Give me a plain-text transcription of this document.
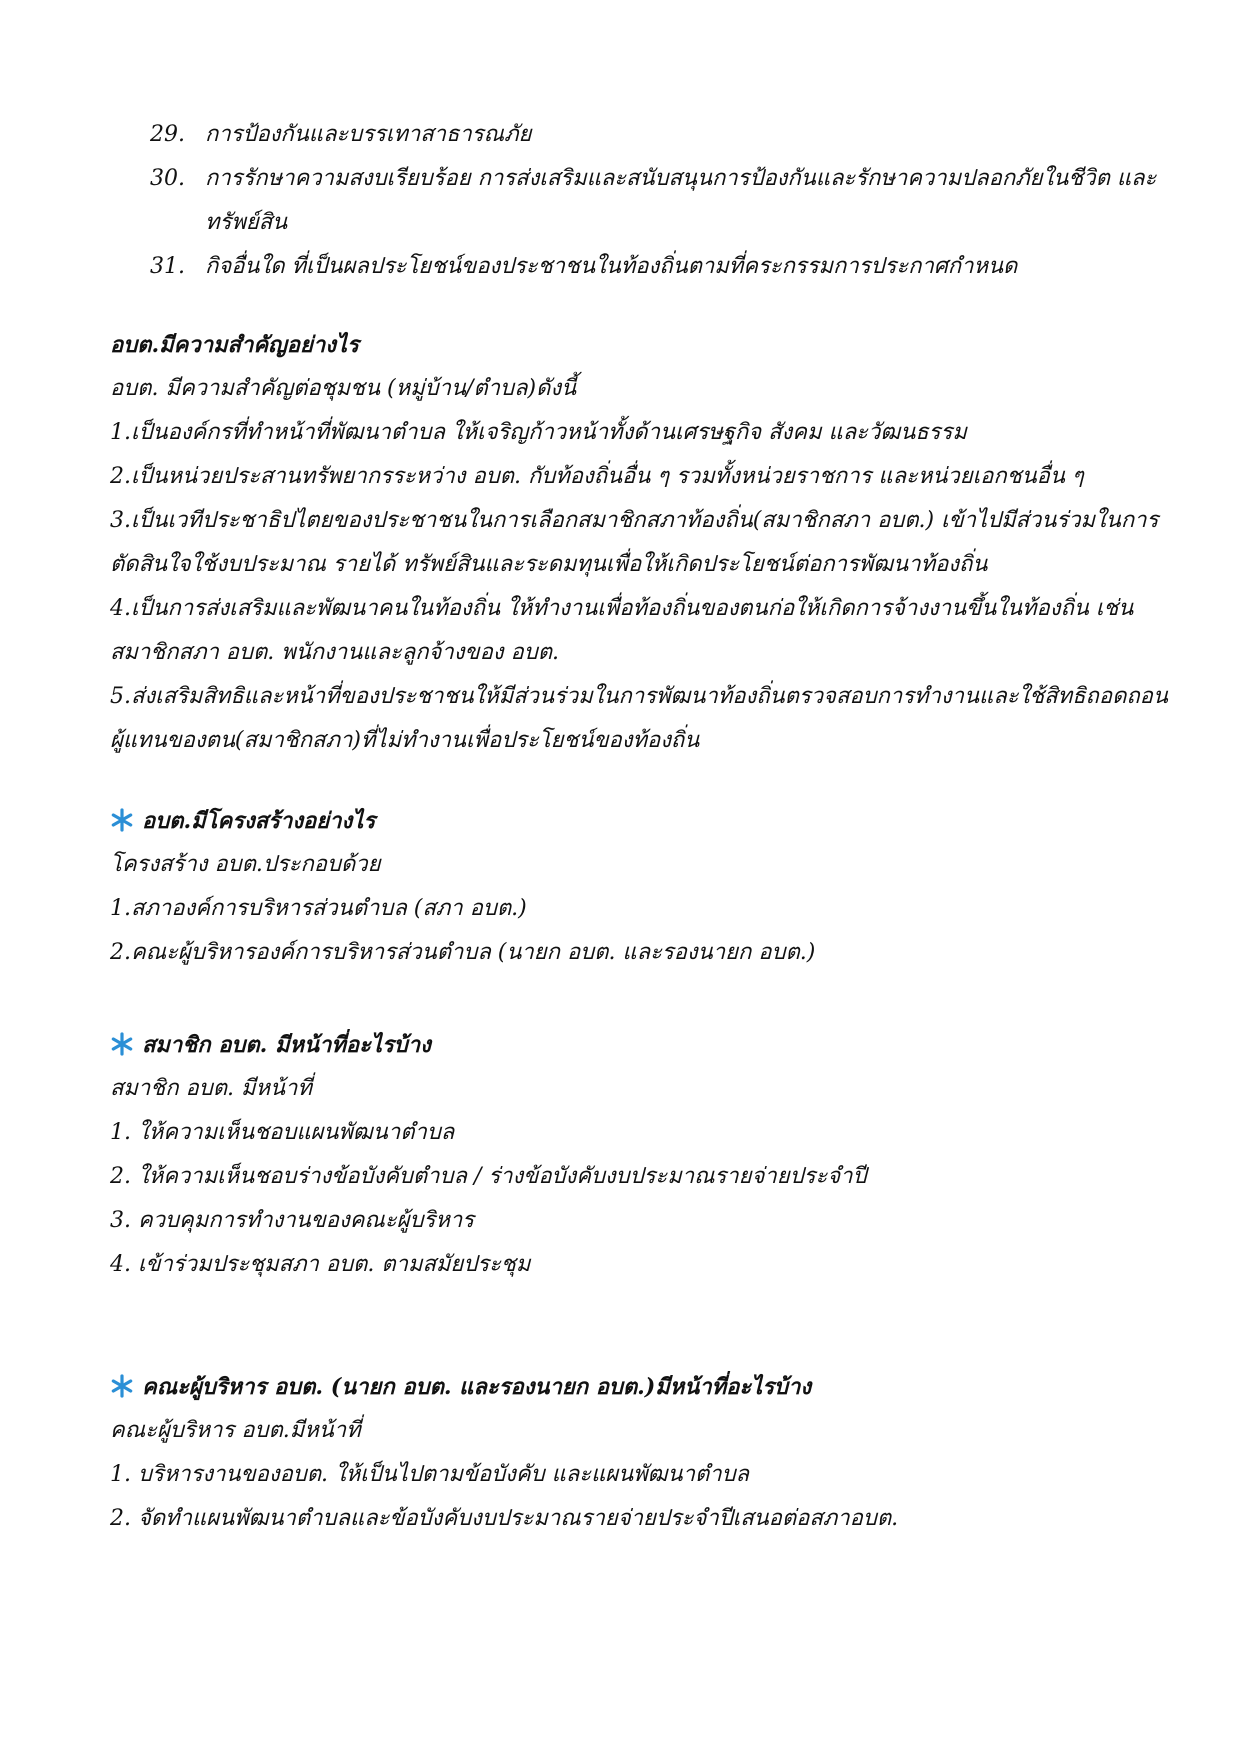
29. การป้องกันและบรรเทาสาธารณภัย
30. การรักษาความสงบเรียบร้อย การส่งเสริมและสนับสนุนการป้องกันและรักษาความปลอกภัยในชีวิต และ
ทรัพย์สิน
31. กิจอื่นใด ที่เป็นผลประโยชน์ของประชาชนในท้องถิ่นตามที่คระกรรมการประกาศกำหนด
อบต.มีความสำคัญอย่างไร
อบต. มีความสำคัญต่อชุมชน (หมู่บ้าน/ตำบล)ดังนี้
1.เป็นองค์กรที่ทำหน้าที่พัฒนาตำบล ให้เจริญก้าวหน้าทั้งด้านเศรษฐกิจ สังคม และวัฒนธรรม
2.เป็นหน่วยประสานทรัพยากรระหว่าง อบต. กับท้องถิ่นอื่น ๆ รวมทั้งหน่วยราชการ และหน่วยเอกชนอื่น ๆ
3.เป็นเวทีประชาธิปไตยของประชาชนในการเลือกสมาชิกสภาท้องถิ่น(สมาชิกสภา อบต.) เข้าไปมีส่วนร่วมในการ
ตัดสินใจใช้งบประมาณ รายได้ ทรัพย์สินและระดมทุนเพื่อให้เกิดประโยชน์ต่อการพัฒนาท้องถิ่น
4.เป็นการส่งเสริมและพัฒนาคนในท้องถิ่น ให้ทำงานเพื่อท้องถิ่นของตนก่อให้เกิดการจ้างงานขึ้นในท้องถิ่น เช่น
สมาชิกสภา อบต. พนักงานและลูกจ้างของ อบต.
5.ส่งเสริมสิทธิและหน้าที่ของประชาชนให้มีส่วนร่วมในการพัฒนาท้องถิ่นตรวจสอบการทำงานและใช้สิทธิถอดถอน
ผู้แทนของตน(สมาชิกสภา)ที่ไม่ทำงานเพื่อประโยชน์ของท้องถิ่น
อบต.มีโครงสร้างอย่างไร
โครงสร้าง อบต.ประกอบด้วย
1.สภาองค์การบริหารส่วนตำบล (สภา อบต.)
2.คณะผู้บริหารองค์การบริหารส่วนตำบล (นายก อบต. และรองนายก อบต.)
สมาชิก อบต. มีหน้าที่อะไรบ้าง
สมาชิก อบต. มีหน้าที่
1. ให้ความเห็นชอบแผนพัฒนาตำบล
2. ให้ความเห็นชอบร่างข้อบังคับตำบล / ร่างข้อบังคับงบประมาณรายจ่ายประจำปี
3. ควบคุมการทำงานของคณะผู้บริหาร
4. เข้าร่วมประชุมสภา อบต. ตามสมัยประชุม
คณะผู้บริหาร อบต. (นายก อบต. และรองนายก อบต.)มีหน้าที่อะไรบ้าง
คณะผู้บริหาร อบต.มีหน้าที่
1. บริหารงานของอบต. ให้เป็นไปตามข้อบังคับ และแผนพัฒนาตำบล
2. จัดทำแผนพัฒนาตำบลและข้อบังคับงบประมาณรายจ่ายประจำปีเสนอต่อสภาอบต.
